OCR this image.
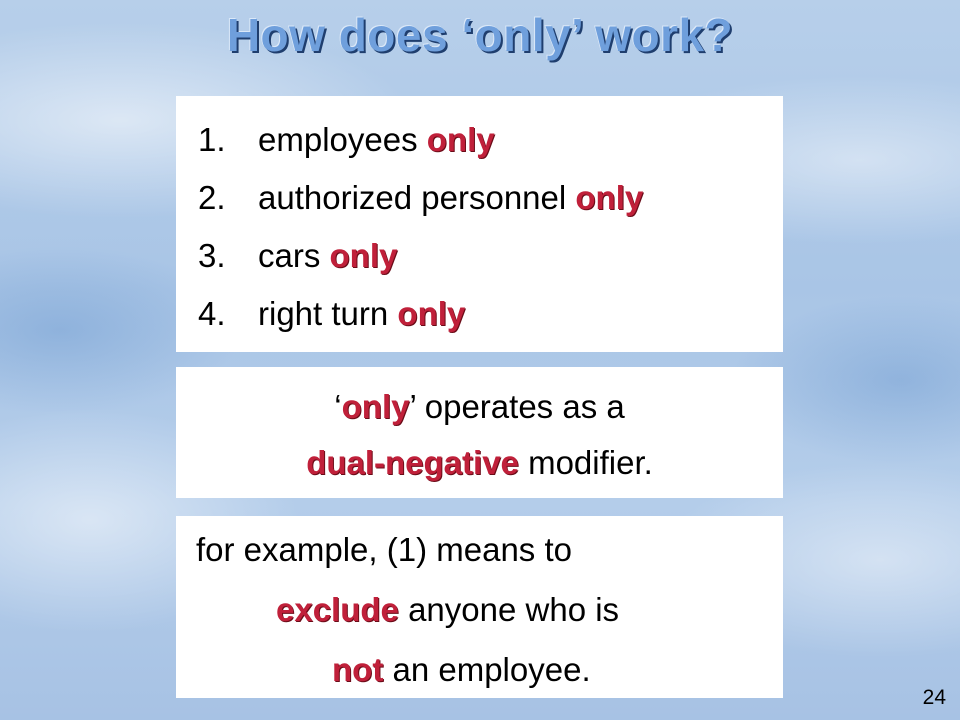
How does ‘only’ work?
1. employees only
2. authorized personnel only
3. cars only
4. right turn only
‘only’ operates as a
dual-negative modifier.
for example, (1) means to
exclude anyone who is
not an employee.
24
